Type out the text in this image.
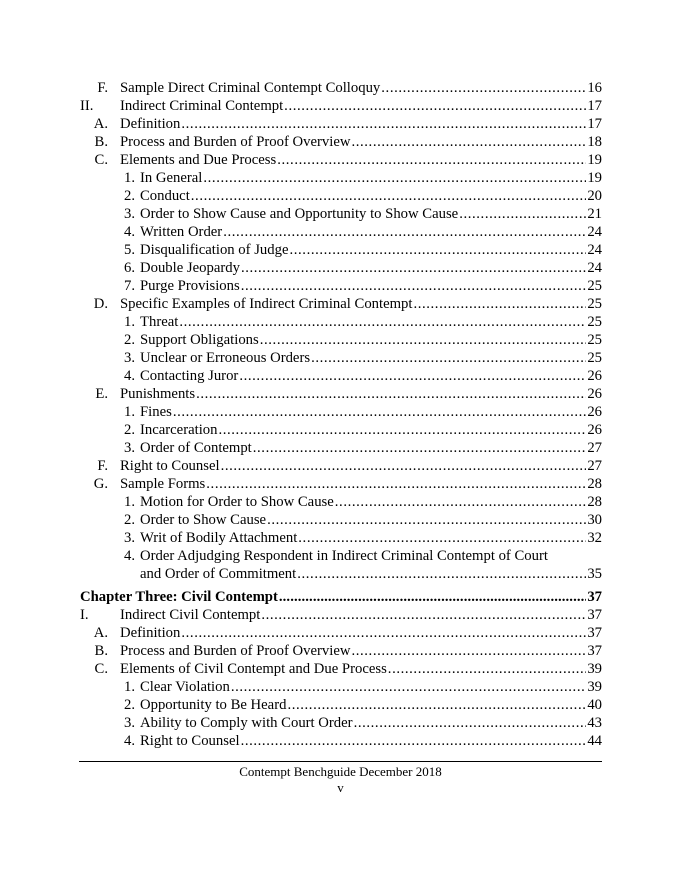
F. Sample Direct Criminal Contempt Colloquy .....	16
II.	Indirect Criminal Contempt .....	17
A. Definition .....	17
B. Process and Burden of Proof Overview .....	18
C. Elements and Due Process .....	19
1. In General .....	19
2. Conduct .....	20
3. Order to Show Cause and Opportunity to Show Cause .....	21
4. Written Order .....	24
5. Disqualification of Judge .....	24
6. Double Jeopardy .....	24
7. Purge Provisions .....	25
D. Specific Examples of Indirect Criminal Contempt .....	25
1. Threat .....	25
2. Support Obligations .....	25
3. Unclear or Erroneous Orders .....	25
4. Contacting Juror .....	26
E. Punishments .....	26
1. Fines .....	26
2. Incarceration .....	26
3. Order of Contempt .....	27
F. Right to Counsel .....	27
G. Sample Forms .....	28
1. Motion for Order to Show Cause .....	28
2. Order to Show Cause .....	30
3. Writ of Bodily Attachment .....	32
4. Order Adjudging Respondent in Indirect Criminal Contempt of Court
and Order of Commitment .....	35
Chapter Three: Civil Contempt .....	37
I.	Indirect Civil Contempt .....	37
A. Definition .....	37
B. Process and Burden of Proof Overview .....	37
C. Elements of Civil Contempt and Due Process .....	39
1. Clear Violation .....	39
2. Opportunity to Be Heard .....	40
3. Ability to Comply with Court Order .....	43
4. Right to Counsel .....	44
Contempt Benchguide December 2018
v
